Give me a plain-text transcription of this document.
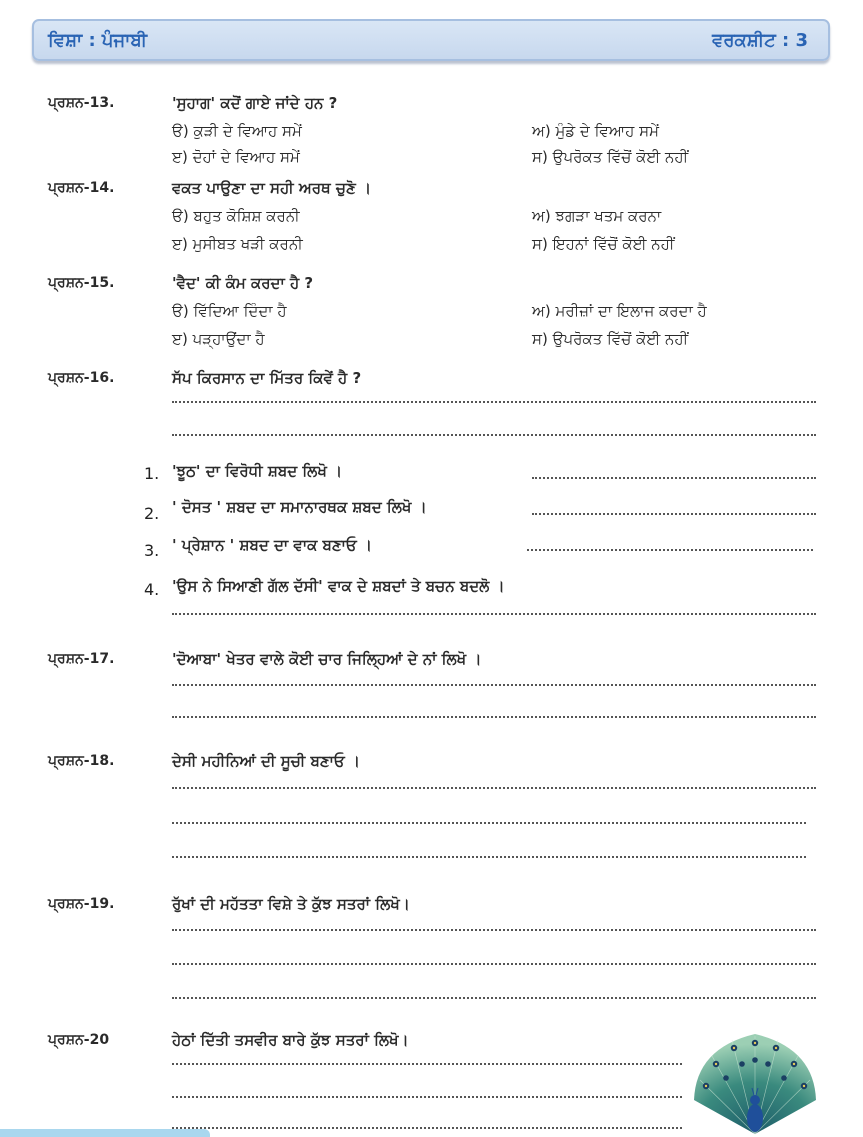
ਵਿਸ਼ਾ : ਪੰਜਾਬੀ	ਵਰਕਸ਼ੀਟ : 3
ਪ੍ਰਸ਼ਨ-13.	'ਸੁਹਾਗ' ਕਦੋਂ ਗਾਏ ਜਾਂਦੇ ਹਨ ?
ੳ) ਕੁੜੀ ਦੇ ਵਿਆਹ ਸਮੇਂ	ਅ) ਮੁੰਡੇ ਦੇ ਵਿਆਹ ਸਮੇਂ
ੲ) ਦੋਹਾਂ ਦੇ ਵਿਆਹ ਸਮੇਂ	ਸ) ਉਪਰੋਕਤ ਵਿੱਚੋਂ ਕੋਈ ਨਹੀਂ
ਪ੍ਰਸ਼ਨ-14.	ਵਕਤ ਪਾਉਣਾ ਦਾ ਸਹੀ ਅਰਥ ਚੁਣੋ ।
ੳ) ਬਹੁਤ ਕੋਸ਼ਿਸ਼ ਕਰਨੀ	ਅ) ਝਗੜਾ ਖਤਮ ਕਰਨਾ
ੲ) ਮੁਸੀਬਤ ਖੜੀ ਕਰਨੀ	ਸ) ਇਹਨਾਂ ਵਿੱਚੋਂ ਕੋਈ ਨਹੀਂ
ਪ੍ਰਸ਼ਨ-15.	'ਵੈਦ' ਕੀ ਕੰਮ ਕਰਦਾ ਹੈ ?
ੳ) ਵਿੱਦਿਆ ਦਿੰਦਾ ਹੈ	ਅ) ਮਰੀਜ਼ਾਂ ਦਾ ਇਲਾਜ ਕਰਦਾ ਹੈ
ੲ) ਪੜ੍ਹਾਉਂਦਾ ਹੈ	ਸ) ਉਪਰੋਕਤ ਵਿੱਚੋਂ ਕੋਈ ਨਹੀਂ
ਪ੍ਰਸ਼ਨ-16.	ਸੱਪ ਕਿਰਸਾਨ ਦਾ ਮਿੱਤਰ ਕਿਵੇਂ ਹੈ ?
1. 'ਝੂਠ' ਦਾ ਵਿਰੋਧੀ ਸ਼ਬਦ ਲਿਖੋ ।
2. ' ਦੋਸਤ ' ਸ਼ਬਦ ਦਾ ਸਮਾਨਾਰਥਕ ਸ਼ਬਦ ਲਿਖੋ ।
3. ' ਪ੍ਰੇਸ਼ਾਨ ' ਸ਼ਬਦ ਦਾ ਵਾਕ ਬਣਾਓ ।
4. 'ਉਸ ਨੇ ਸਿਆਣੀ ਗੱਲ ਦੱਸੀ' ਵਾਕ ਦੇ ਸ਼ਬਦਾਂ ਤੇ ਬਚਨ ਬਦਲੋ ।
ਪ੍ਰਸ਼ਨ-17.	'ਦੋਆਬਾ' ਖੇਤਰ ਵਾਲੇ ਕੋਈ ਚਾਰ ਜਿਲ੍ਹਿਆਂ ਦੇ ਨਾਂ ਲਿਖੋ ।
ਪ੍ਰਸ਼ਨ-18.	ਦੇਸੀ ਮਹੀਨਿਆਂ ਦੀ ਸੂਚੀ ਬਣਾਓ ।
ਪ੍ਰਸ਼ਨ-19.	ਰੁੱਖਾਂ ਦੀ ਮਹੱਤਤਾ ਵਿਸ਼ੇ ਤੇ ਕੁੱਝ ਸਤਰਾਂ ਲਿਖੋ।
ਪ੍ਰਸ਼ਨ-20	ਹੇਠਾਂ ਦਿੱਤੀ ਤਸਵੀਰ ਬਾਰੇ ਕੁੱਝ ਸਤਰਾਂ ਲਿਖੋ।
